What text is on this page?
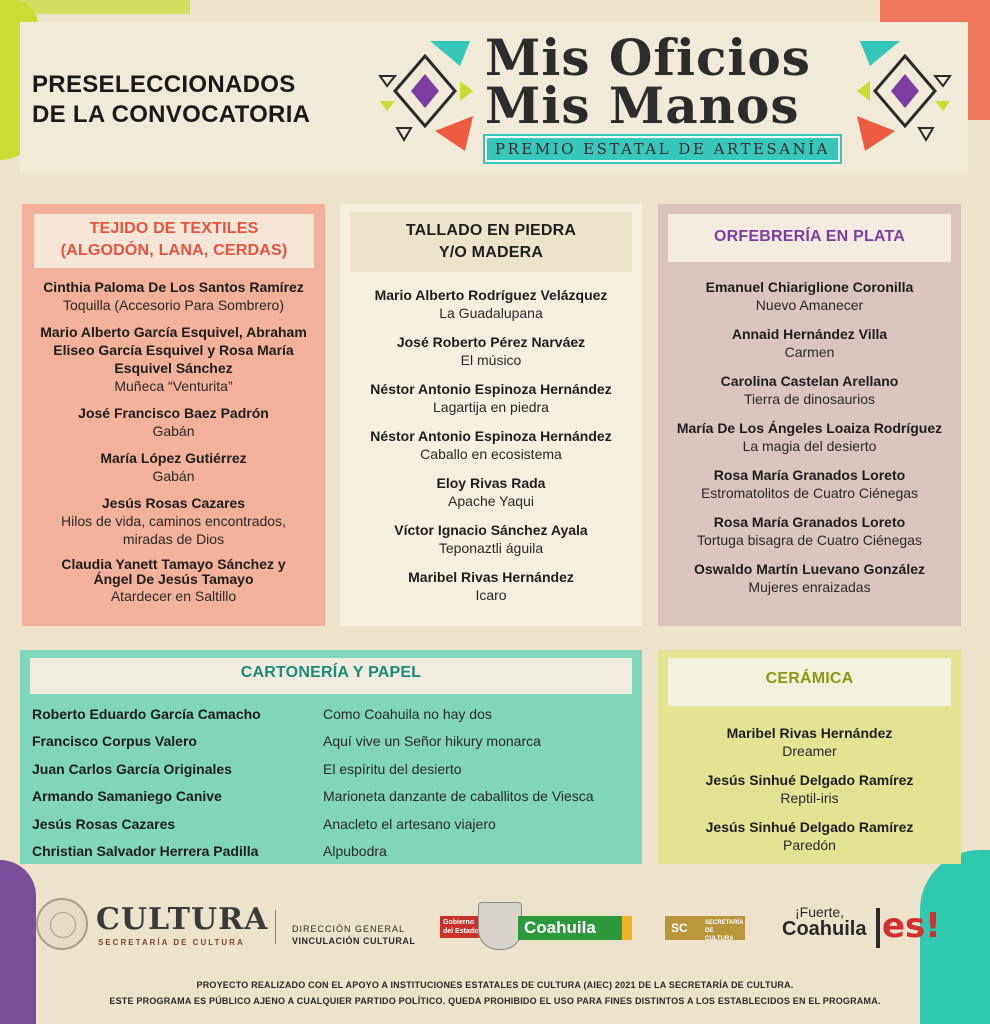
PRESELECCIONADOS
DE LA CONVOCATORIA
Mis Oficios
Mis Manos
PREMIO ESTATAL DE ARTESANÍA
TEJIDO DE TEXTILES
(ALGODÓN, LANA, CERDAS)
Cinthia Paloma De Los Santos Ramírez
Toquilla (Accesorio Para Sombrero)
Mario Alberto García Esquivel, Abraham Eliseo García Esquivel y Rosa María Esquivel Sánchez
Muñeca “Venturita”
José Francisco Baez Padrón
Gabán
María López Gutiérrez
Gabán
Jesús Rosas Cazares
Hilos de vida, caminos encontrados, miradas de Dios
Claudia Yanett Tamayo Sánchez y Ángel De Jesús Tamayo
Atardecer en Saltillo
TALLADO EN PIEDRA
Y/O MADERA
Mario Alberto Rodríguez Velázquez
La Guadalupana
José Roberto Pérez Narváez
El músico
Néstor Antonio Espinoza Hernández
Lagartija en piedra
Néstor Antonio Espinoza Hernández
Caballo en ecosistema
Eloy Rivas Rada
Apache Yaqui
Víctor Ignacio Sánchez Ayala
Teponaztli águila
Maribel Rivas Hernández
Icaro
ORFEBRERÍA EN PLATA
Emanuel Chiariglione Coronilla
Nuevo Amanecer
Annaid Hernández Villa
Carmen
Carolina Castelan Arellano
Tierra de dinosaurios
María De Los Ángeles Loaiza Rodríguez
La magia del desierto
Rosa María Granados Loreto
Estromatolitos de Cuatro Ciénegas
Rosa María Granados Loreto
Tortuga bisagra de Cuatro Ciénegas
Oswaldo Martín Luevano González
Mujeres enraizadas
CARTONERÍA Y PAPEL
Roberto Eduardo García Camacho	Como Coahuila no hay dos
Francisco Corpus Valero	Aquí vive un Señor hikury monarca
Juan Carlos García Originales	El espíritu del desierto
Armando Samaniego Canive	Marioneta danzante de caballitos de Viesca
Jesús Rosas Cazares	Anacleto el artesano viajero
Christian Salvador Herrera Padilla	Alpubodra
CERÁMICA
Maribel Rivas Hernández
Dreamer
Jesús Sinhué Delgado Ramírez
Reptil-iris
Jesús Sinhué Delgado Ramírez
Paredón
CULTURA
SECRETARÍA DE CULTURA
DIRECCIÓN GENERAL
VINCULACIÓN CULTURAL
Gobierno del Estado	Coahuila	SC	SECRETARÍA DE CULTURA
¡Fuerte,
Coahuila es!
PROYECTO REALIZADO CON EL APOYO A INSTITUCIONES ESTATALES DE CULTURA (AIEC) 2021 DE LA SECRETARÍA DE CULTURA.
ESTE PROGRAMA ES PÚBLICO AJENO A CUALQUIER PARTIDO POLÍTICO. QUEDA PROHIBIDO EL USO PARA FINES DISTINTOS A LOS ESTABLECIDOS EN EL PROGRAMA.
